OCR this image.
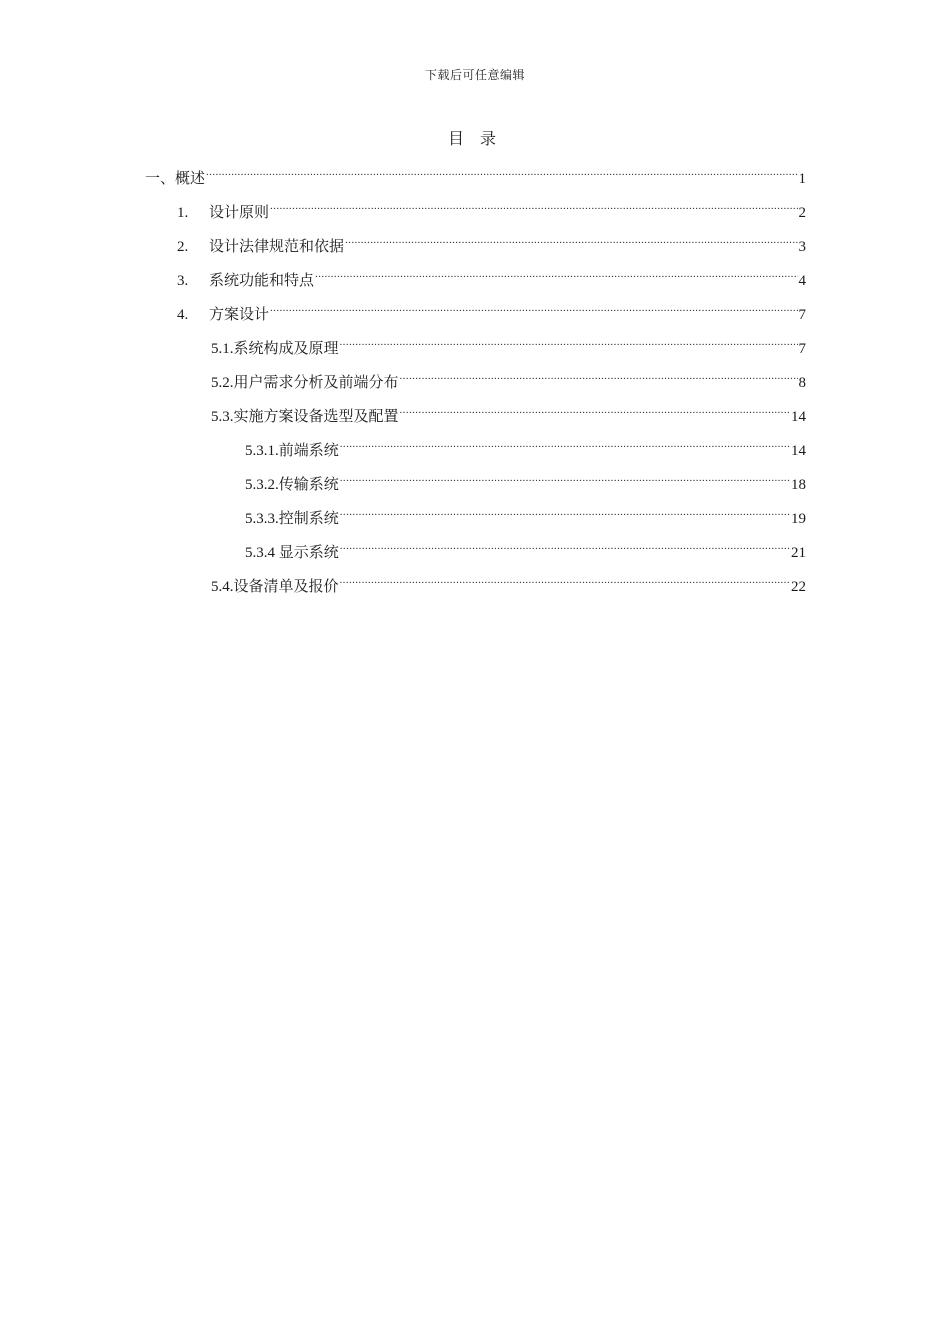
下载后可任意编辑
目 录
一、概述 .....	1
1.	设计原则 .....	2
2.	设计法律规范和依据 .....	3
3.	系统功能和特点 .....	4
4.	方案设计 .....	7
5.1.系统构成及原理 .....	7
5.2.用户需求分析及前端分布 .....	8
5.3.实施方案设备选型及配置 .....	14
5.3.1.前端系统 .....	14
5.3.2.传输系统 .....	18
5.3.3.控制系统 .....	19
5.3.4 显示系统 .....	21
5.4.设备清单及报价 .....	22
